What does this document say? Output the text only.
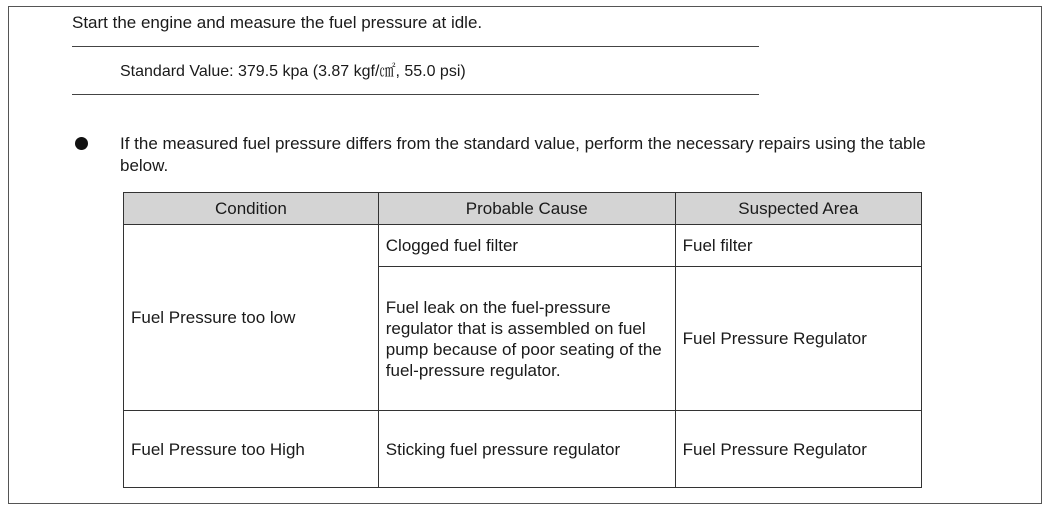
Start the engine and measure the fuel pressure at idle.
Standard Value: 379.5 kpa (3.87 kgf/㎠, 55.0 psi)
If the measured fuel pressure differs from the standard value, perform the necessary repairs using the table below.
Condition	Probable Cause	Suspected Area
Fuel Pressure too low	Clogged fuel filter	Fuel filter
	Fuel leak on the fuel-pressure regulator that is assembled on fuel pump because of poor seating of the fuel-pressure regulator.	Fuel Pressure Regulator
Fuel Pressure too High	Sticking fuel pressure regulator	Fuel Pressure Regulator
